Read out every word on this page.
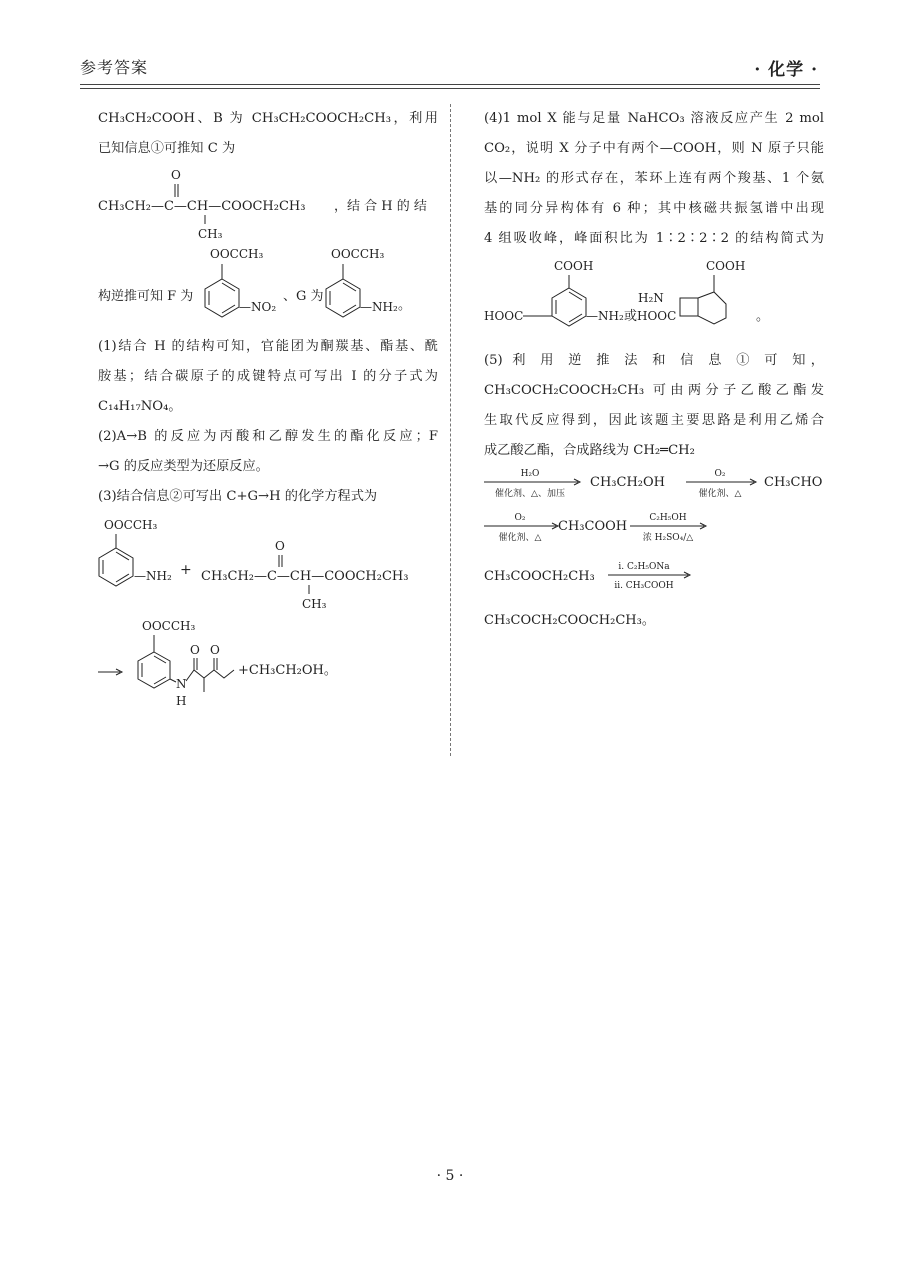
参考答案	· 化学 ·

CH₃CH₂COOH、B 为 CH₃CH₂COOCH₂CH₃，利用

已知信息①可推知 C 为

O
CH₃CH₂—C—CH—COOCH₂CH₃
CH₃
，结 合 H 的 结
构逆推可知 F 为
OOCCH₃
—NO₂
、G 为
OOCCH₃
—NH₂ 。

(1)结合 H 的结构可知，官能团为酮羰基、酯基、酰

胺基；结合碳原子的成键特点可写出 I 的分子式为

C₁₄H₁₇NO₄。

(2)A→B 的反应为丙酸和乙醇发生的酯化反应；F

→G 的反应类型为还原反应。

(3)结合信息②可写出 C+G→H 的化学方程式为

OOCCH₃
—NH₂ +
O
CH₃CH₂—C—CH—COOCH₂CH₃
CH₃
OOCCH₃
N
H
O O
+CH₃CH₂OH。

(4)1 mol X 能与足量 NaHCO₃ 溶液反应产生 2 mol

CO₂，说明 X 分子中有两个—COOH，则 N 原子只能

以—NH₂ 的形式存在，苯环上连有两个羧基、1 个氨

基的同分异构体有 6 种；其中核磁共振氢谱中出现

4 组吸收峰，峰面积比为 1∶2∶2∶2 的结构简式为

COOH
HOOC	—NH₂ 或
COOH
H₂N
HOOC	。

(5) 利 用 逆 推 法 和 信 息 ① 可 知，

CH₃COCH₂COOCH₂CH₃ 可由两分子乙酸乙酯发

生取代反应得到，因此该题主要思路是利用乙烯合

成乙酸乙酯，合成路线为 CH₂═CH₂

H₂O
催化剂、△、加压
CH₃CH₂OH
O₂
催化剂、△
CH₃CHO
O₂
催化剂、△
CH₃COOH
C₂H₅OH
浓 H₂SO₄/△
CH₃COOCH₂CH₃
ⅰ. C₂H₅ONa
ⅱ. CH₃COOH
CH₃COCH₂COOCH₂CH₃。
· 5 ·
